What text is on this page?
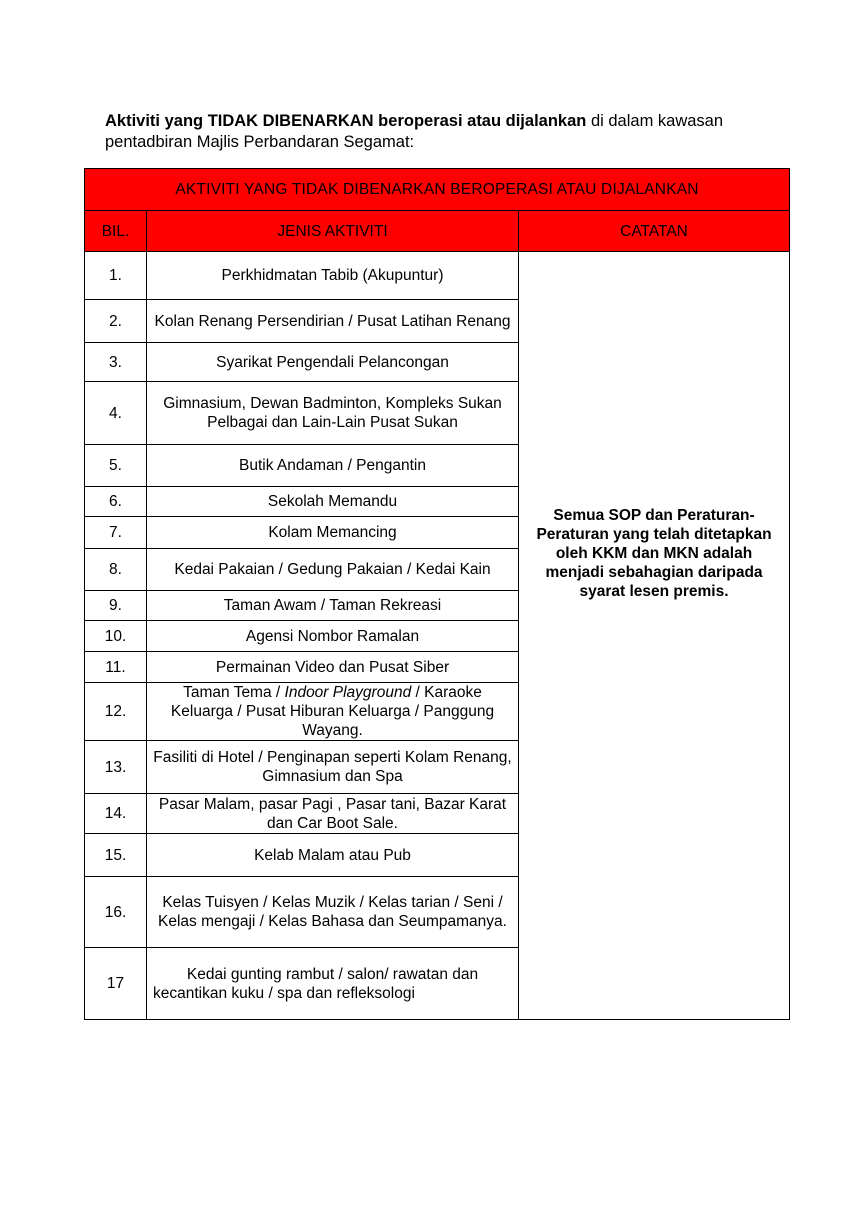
Aktiviti yang TIDAK DIBENARKAN beroperasi atau dijalankan di dalam kawasan pentadbiran Majlis Perbandaran Segamat:
AKTIVITI YANG TIDAK DIBENARKAN BEROPERASI ATAU DIJALANKAN		
BIL.	JENIS AKTIVITI	CATATAN
1.	Perkhidmatan Tabib (Akupuntur)	Semua SOP dan Peraturan-Peraturan yang telah ditetapkan oleh KKM dan MKN adalah menjadi sebahagian daripada syarat lesen premis.

2.	Kolan Renang Persendirian / Pusat Latihan Renang	
3.	Syarikat Pengendali Pelancongan	
4.	Gimnasium, Dewan Badminton, Kompleks Sukan Pelbagai dan Lain-Lain Pusat Sukan	
5.	Butik Andaman / Pengantin	
6.	Sekolah Memandu	
7.	Kolam Memancing	
8.	Kedai Pakaian / Gedung Pakaian / Kedai Kain	
9.	Taman Awam / Taman Rekreasi	
10.	Agensi Nombor Ramalan	
11.	Permainan Video dan Pusat Siber	
12.	Taman Tema / Indoor Playground / Karaoke Keluarga / Pusat Hiburan Keluarga / Panggung Wayang.	
13.	Fasiliti di Hotel / Penginapan seperti Kolam Renang, Gimnasium dan Spa	
14.	Pasar Malam, pasar Pagi , Pasar tani, Bazar Karat dan Car Boot Sale.	
15.	Kelab Malam atau Pub	
16.	Kelas Tuisyen / Kelas Muzik / Kelas tarian / Seni / Kelas mengaji / Kelas Bahasa dan Seumpamanya.	
17	Kedai gunting rambut / salon/ rawatan dan kecantikan kuku / spa dan refleksologi	
